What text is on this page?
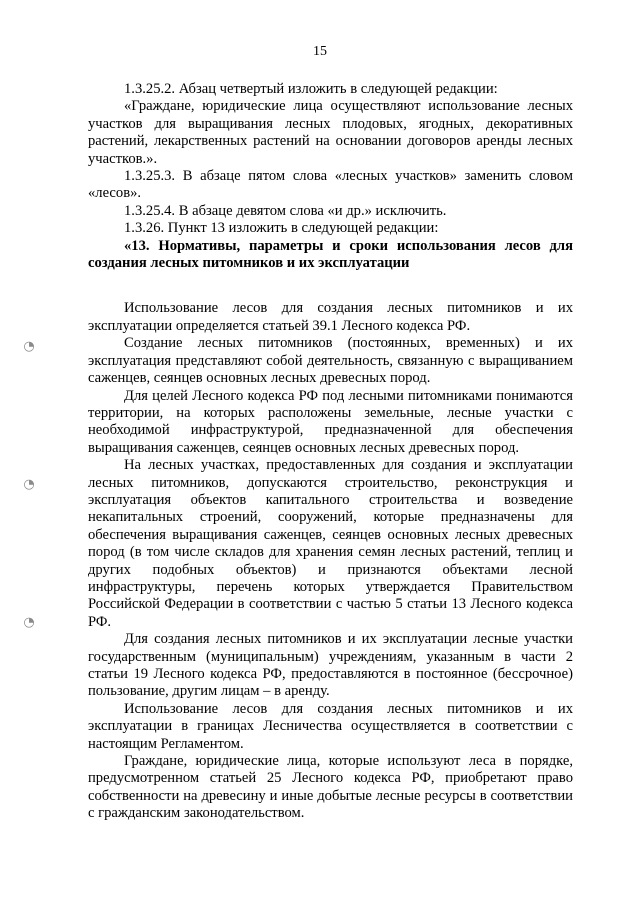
15
◔
◔
◔

1.3.25.2. Абзац четвертый изложить в следующей редакции:

«Граждане, юридические лица осуществляют использование лесных участков для выращивания лесных плодовых, ягодных, декоративных растений, лекарственных растений на основании договоров аренды лесных участков.».

1.3.25.3. В абзаце пятом слова «лесных участков» заменить словом «лесов».

1.3.25.4. В абзаце девятом слова «и др.» исключить.

1.3.26. Пункт 13 изложить в следующей редакции:

«13. Нормативы, параметры и сроки использования лесов для создания лесных питомников и их эксплуатации

Использование лесов для создания лесных питомников и их эксплуатации определяется статьей 39.1 Лесного кодекса РФ.

Создание лесных питомников (постоянных, временных) и их эксплуатация представляют собой деятельность, связанную с выращиванием саженцев, сеянцев основных лесных древесных пород.

Для целей Лесного кодекса РФ под лесными питомниками понимаются территории, на которых расположены земельные, лесные участки с необходимой инфраструктурой, предназначенной для обеспечения выращивания саженцев, сеянцев основных лесных древесных пород.

На лесных участках, предоставленных для создания и эксплуатации лесных питомников, допускаются строительство, реконструкция и эксплуатация объектов капитального строительства и возведение некапитальных строений, сооружений, которые предназначены для обеспечения выращивания саженцев, сеянцев основных лесных древесных пород (в том числе складов для хранения семян лесных растений, теплиц и других подобных объектов) и признаются объектами лесной инфраструктуры, перечень которых утверждается Правительством Российской Федерации в соответствии с частью 5 статьи 13 Лесного кодекса РФ.

Для создания лесных питомников и их эксплуатации лесные участки государственным (муниципальным) учреждениям, указанным в части 2 статьи 19 Лесного кодекса РФ, предоставляются в постоянное (бессрочное) пользование, другим лицам – в аренду.

Использование лесов для создания лесных питомников и их эксплуатации в границах Лесничества осуществляется в соответствии с настоящим Регламентом.

Граждане, юридические лица, которые используют леса в порядке, предусмотренном статьей 25 Лесного кодекса РФ, приобретают право собственности на древесину и иные добытые лесные ресурсы в соответствии с гражданским законодательством.
